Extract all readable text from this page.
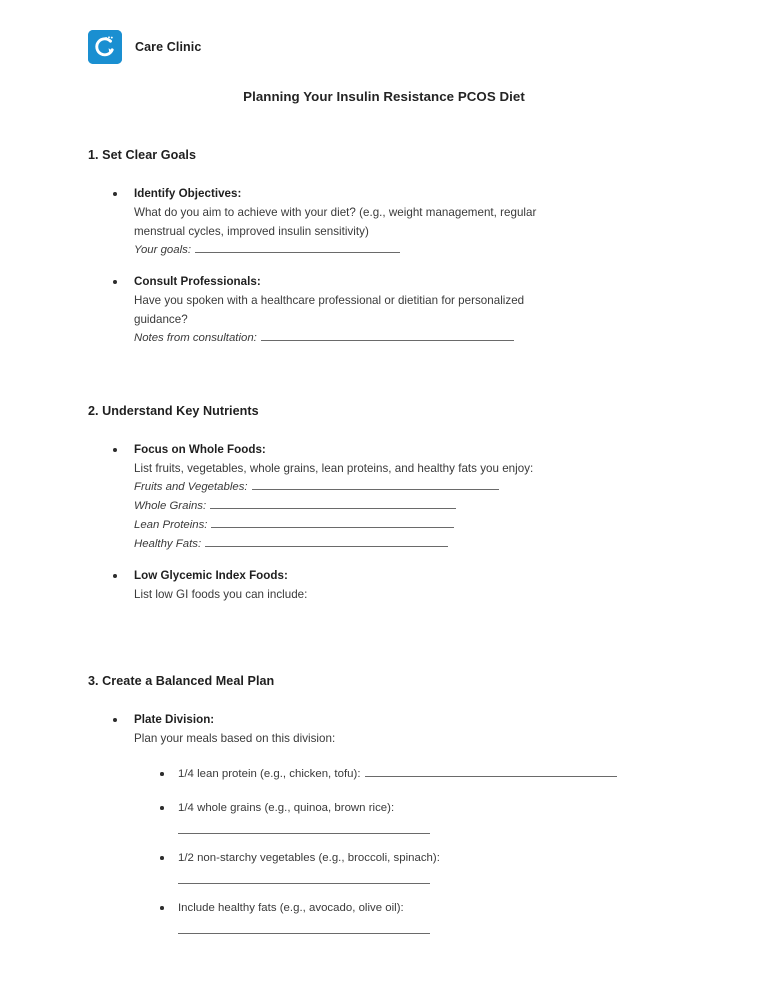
Care Clinic
Planning Your Insulin Resistance PCOS Diet
1. Set Clear Goals
Identify Objectives:
What do you aim to achieve with your diet? (e.g., weight management, regular
menstrual cycles, improved insulin sensitivity)
Your goals:
Consult Professionals:
Have you spoken with a healthcare professional or dietitian for personalized
guidance?
Notes from consultation:
2. Understand Key Nutrients
Focus on Whole Foods:
List fruits, vegetables, whole grains, lean proteins, and healthy fats you enjoy:
Fruits and Vegetables:
Whole Grains:
Lean Proteins:
Healthy Fats:
Low Glycemic Index Foods:
List low GI foods you can include:
3. Create a Balanced Meal Plan
Plate Division:
Plan your meals based on this division:
1/4 lean protein (e.g., chicken, tofu):
1/4 whole grains (e.g., quinoa, brown rice):
1/2 non-starchy vegetables (e.g., broccoli, spinach):
Include healthy fats (e.g., avocado, olive oil):
